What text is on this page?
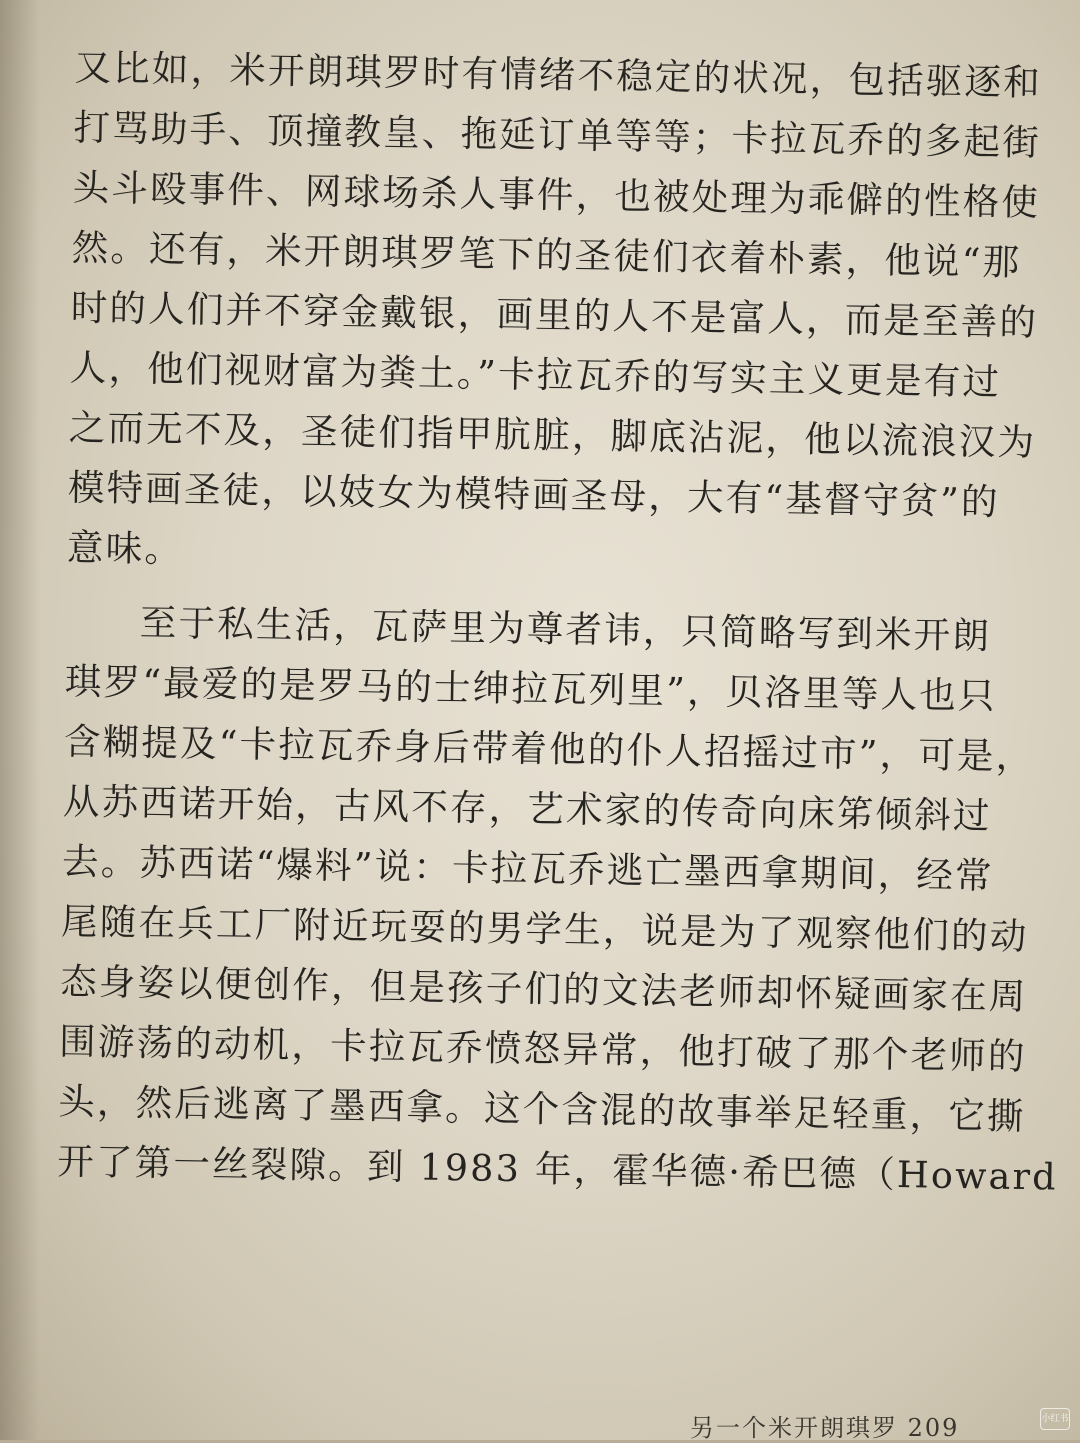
又比如，米开朗琪罗时有情绪不稳定的状况，包括驱逐和
打骂助手、顶撞教皇、拖延订单等等；卡拉瓦乔的多起街
头斗殴事件、网球场杀人事件，也被处理为乖僻的性格使
然。还有，米开朗琪罗笔下的圣徒们衣着朴素，他说“那
时的人们并不穿金戴银，画里的人不是富人，而是至善的
人，他们视财富为粪土。”卡拉瓦乔的写实主义更是有过
之而无不及，圣徒们指甲肮脏，脚底沾泥，他以流浪汉为
模特画圣徒，以妓女为模特画圣母，大有“基督守贫”的
意味。
至于私生活，瓦萨里为尊者讳，只简略写到米开朗
琪罗“最爱的是罗马的士绅拉瓦列里”，贝洛里等人也只
含糊提及“卡拉瓦乔身后带着他的仆人招摇过市”，可是，
从苏西诺开始，古风不存，艺术家的传奇向床笫倾斜过
去。苏西诺“爆料”说：卡拉瓦乔逃亡墨西拿期间，经常
尾随在兵工厂附近玩耍的男学生，说是为了观察他们的动
态身姿以便创作，但是孩子们的文法老师却怀疑画家在周
围游荡的动机，卡拉瓦乔愤怒异常，他打破了那个老师的
头，然后逃离了墨西拿。这个含混的故事举足轻重，它撕
开了第一丝裂隙。到 1983 年，霍华德·希巴德（Howard
另一个米开朗琪罗 209	小红书
